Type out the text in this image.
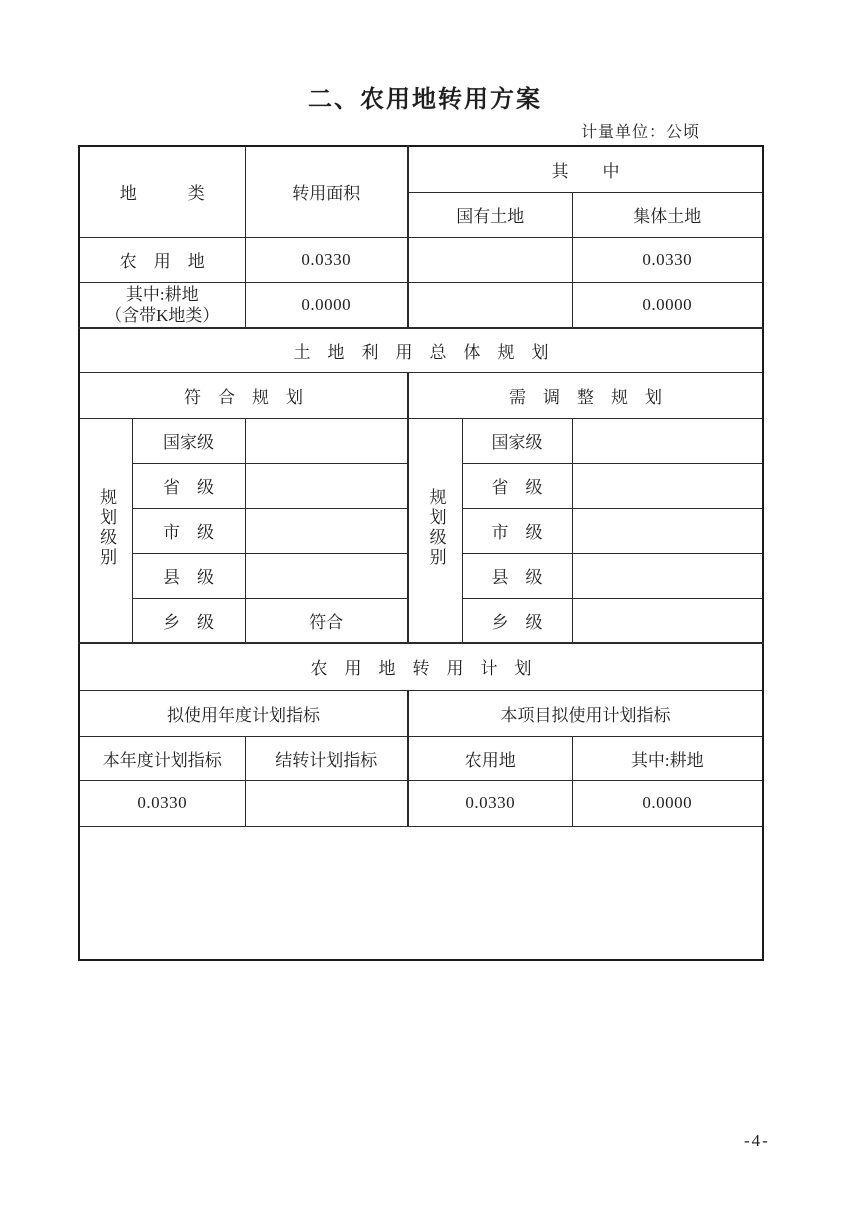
二、农用地转用方案
计量单位：公顷
地　　　类		转用面积	其　　中		
			国有土地		集体土地
农　用　地		0.0330			0.0330

其中:耕地
（含带K地类）		0.0000			0.0000
土　地　利　用　总　体　规　划					
符　合　规　划			需　调　整　规　划		
规划级别	国家级		规划级别	国家级	
	省　级			省　级	
	市　级			市　级	
	县　级			县　级	
	乡　级	符合		乡　级	
农　用　地　转　用　计　划					
拟使用年度计划指标			本项目拟使用计划指标		
本年度计划指标		结转计划指标	农用地		其中:耕地
0.0330			0.0330		0.0000

-4-
